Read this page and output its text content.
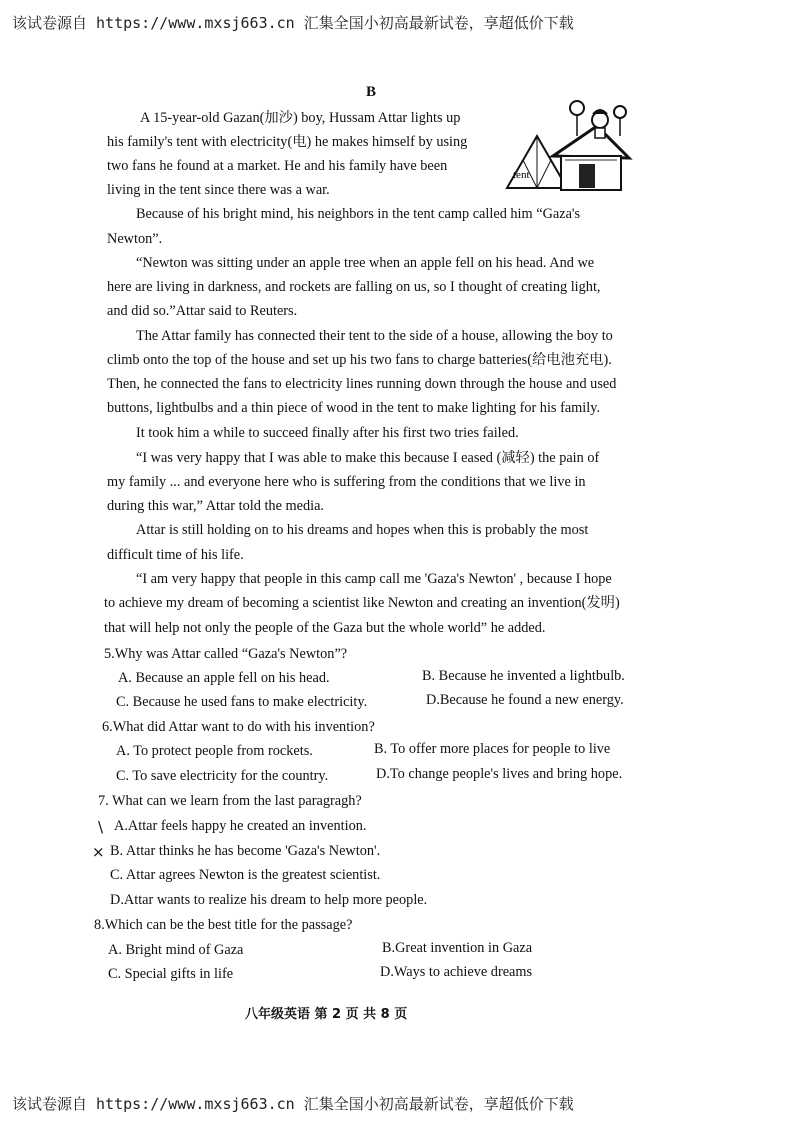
该试卷源自 https://www.mxsj663.cn 汇集全国小初高最新试卷，享超低价下载
B
tent
A 15-year-old Gazan(加沙) boy, Hussam Attar lights up
his family's tent with electricity(电) he makes himself by using
two fans he found at a market. He and his family have been
living in the tent since there was a war.
Because of his bright mind, his neighbors in the tent camp called him “Gaza's
Newton”.
“Newton was sitting under an apple tree when an apple fell on his head. And we
here are living in darkness, and rockets are falling on us, so I thought of creating light,
and did so.”Attar said to Reuters.
The Attar family has connected their tent to the side of a house, allowing the boy to
climb onto the top of the house and set up his two fans to charge batteries(给电池充电).
Then, he connected the fans to electricity lines running down through the house and used
buttons, lightbulbs and a thin piece of wood in the tent to make lighting for his family.
It took him a while to succeed finally after his first two tries failed.
“I was very happy that I was able to make this because I eased (减轻) the pain of
my family ... and everyone here who is suffering from the conditions that we live in
during this war,” Attar told the media.
Attar is still holding on to his dreams and hopes when this is probably the most
difficult time of his life.
“I am very happy that people in this camp call me 'Gaza's Newton' , because I hope
to achieve my dream of becoming a scientist like Newton and creating an invention(发明)
that will help not only the people of the Gaza but the whole world” he added.
5.Why was Attar called “Gaza's Newton”?
A. Because an apple fell on his head.	B. Because he invented a lightbulb.
C. Because he used fans to make electricity.	D.Because he found a new energy.
6.What did Attar want to do with his invention?
A. To protect people from rockets.	B. To offer more places for people to live
C. To save electricity for the country.	D.To change people's lives and bring hope.
7. What can we learn from the last paragragh?
\ A.Attar feels happy he created an invention.
× B. Attar thinks he has become 'Gaza's Newton'.
C. Attar agrees Newton is the greatest scientist.
D.Attar wants to realize his dream to help more people.
8.Which can be the best title for the passage?
A. Bright mind of Gaza	B.Great invention in Gaza
C. Special gifts in life	D.Ways to achieve dreams
八年级英语 第 2 页 共 8 页
该试卷源自 https://www.mxsj663.cn 汇集全国小初高最新试卷，享超低价下载
